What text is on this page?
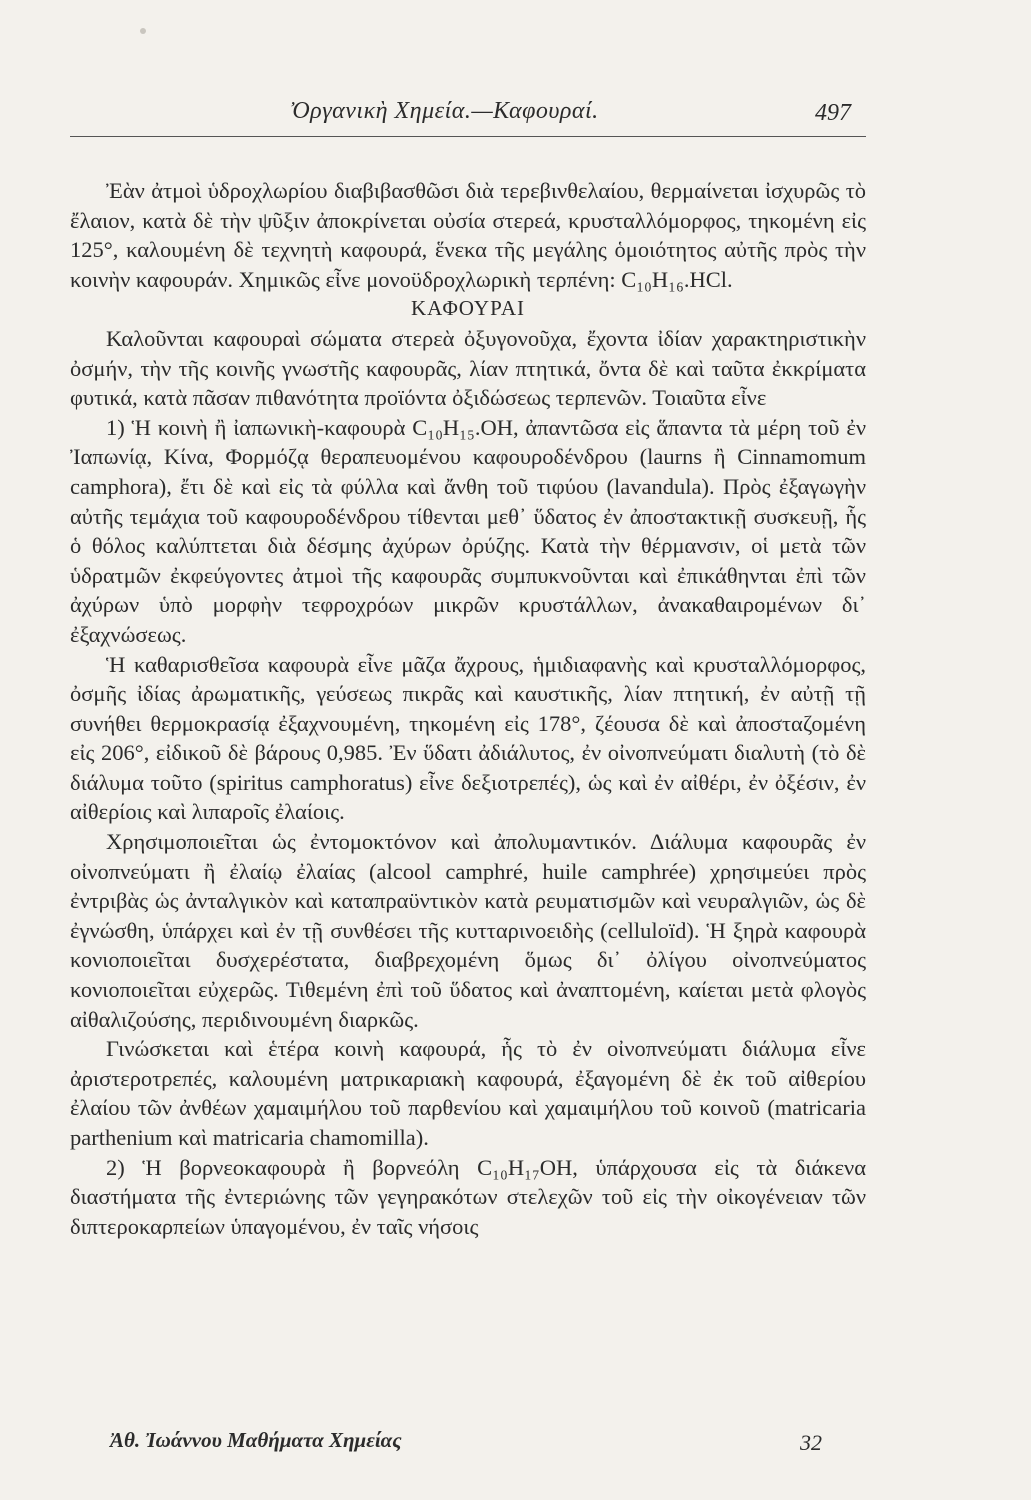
Ὀργανικὴ Χημεία.—Καφουραί.	497

Ἐὰν ἀτμοὶ ὑδροχλωρίου διαβιβασθῶσι διὰ τερεβινθελαίου, θερμαίνεται ἰσχυρῶς τὸ ἔλαιον, κατὰ δὲ τὴν ψῦξιν ἀποκρίνεται οὐσία στερεά, κρυσταλλόμορφος, τηκομένη εἰς 125°, καλουμένη δὲ τεχνητὴ καφουρά, ἕνεκα τῆς μεγάλης ὁμοιότητος αὐτῆς πρὸς τὴν κοινὴν καφουράν. Χημικῶς εἶνε μονοϋδροχλωρικὴ τερπένη: C₁₀H₁₆.HCl.

ΚΑΦΟΥΡΑΙ

Καλοῦνται καφουραὶ σώματα στερεὰ ὀξυγονοῦχα, ἔχοντα ἰδίαν χαρακτηριστικὴν ὀσμήν, τὴν τῆς κοινῆς γνωστῆς καφουρᾶς, λίαν πτητικά, ὄντα δὲ καὶ ταῦτα ἐκκρίματα φυτικά, κατὰ πᾶσαν πιθανότητα προϊόντα ὀξιδώσεως τερπενῶν. Τοιαῦτα εἶνε

1) Ἡ κοινὴ ἢ ἰαπωνικὴ-καφουρὰ C₁₀H₁₅.OH, ἀπαντῶσα εἰς ἅπαντα τὰ μέρη τοῦ ἐν Ἰαπωνίᾳ, Κίνα, Φορμόζᾳ θεραπευομένου καφουροδένδρου (laurns ἢ Cinnamomum camphora), ἔτι δὲ καὶ εἰς τὰ φύλλα καὶ ἄνθη τοῦ τιφύου (lavandula). Πρὸς ἐξαγωγὴν αὐτῆς τεμάχια τοῦ καφουροδένδρου τίθενται μεθ᾽ ὕδατος ἐν ἀποστακτικῇ συσκευῇ, ἧς ὁ θόλος καλύπτεται διὰ δέσμης ἀχύρων ὀρύζης. Κατὰ τὴν θέρμανσιν, οἱ μετὰ τῶν ὑδρατμῶν ἐκφεύγοντες ἀτμοὶ τῆς καφουρᾶς συμπυκνοῦνται καὶ ἐπικάθηνται ἐπὶ τῶν ἀχύρων ὑπὸ μορφὴν τεφροχρόων μικρῶν κρυστάλλων, ἀνακαθαιρομένων δι᾽ ἐξαχνώσεως.

Ἡ καθαρισθεῖσα καφουρὰ εἶνε μᾶζα ἄχρους, ἡμιδιαφανὴς καὶ κρυσταλλόμορφος, ὀσμῆς ἰδίας ἀρωματικῆς, γεύσεως πικρᾶς καὶ καυστικῆς, λίαν πτητική, ἐν αὐτῇ τῇ συνήθει θερμοκρασίᾳ ἐξαχνουμένη, τηκομένη εἰς 178°, ζέουσα δὲ καὶ ἀποσταζομένη εἰς 206°, εἰδικοῦ δὲ βάρους 0,985. Ἐν ὕδατι ἀδιάλυτος, ἐν οἰνοπνεύματι διαλυτὴ (τὸ δὲ διάλυμα τοῦτο (spiritus camphoratus) εἶνε δεξιοτρεπές), ὡς καὶ ἐν αἰθέρι, ἐν ὀξέσιν, ἐν αἰθερίοις καὶ λιπαροῖς ἐλαίοις.

Χρησιμοποιεῖται ὡς ἐντομοκτόνον καὶ ἀπολυμαντικόν. Διάλυμα καφουρᾶς ἐν οἰνοπνεύματι ἢ ἐλαίῳ ἐλαίας (alcool camphré, huile camphrée) χρησιμεύει πρὸς ἐντριβὰς ὡς ἀνταλγικὸν καὶ καταπραϋντικὸν κατὰ ρευματισμῶν καὶ νευραλγιῶν, ὡς δὲ ἐγνώσθη, ὑπάρχει καὶ ἐν τῇ συνθέσει τῆς κυτταρινοειδὴς (celluloïd). Ἡ ξηρὰ καφουρὰ κονιοποιεῖται δυσχερέστατα, διαβρεχομένη ὅμως δι᾽ ὀλίγου οἰνοπνεύματος κονιοποιεῖται εὐχερῶς. Τιθεμένη ἐπὶ τοῦ ὕδατος καὶ ἀναπτομένη, καίεται μετὰ φλογὸς αἰθαλιζούσης, περιδινουμένη διαρκῶς.

Γινώσκεται καὶ ἑτέρα κοινὴ καφουρά, ἧς τὸ ἐν οἰνοπνεύματι διάλυμα εἶνε ἀριστεροτρεπές, καλουμένη ματρικαριακὴ καφουρά, ἐξαγομένη δὲ ἐκ τοῦ αἰθερίου ἐλαίου τῶν ἀνθέων χαμαιμήλου τοῦ παρθενίου καὶ χαμαιμήλου τοῦ κοινοῦ (matricaria parthenium καὶ matricaria chamomilla).

2) Ἡ βορνεοκαφουρὰ ἢ βορνεόλη C₁₀H₁₇OH, ὑπάρχουσα εἰς τὰ διάκενα διαστήματα τῆς ἐντεριώνης τῶν γεγηρακότων στελεχῶν τοῦ εἰς τὴν οἰκογένειαν τῶν διπτεροκαρπείων ὑπαγομένου, ἐν ταῖς νήσοις

Ἀθ. Ἰωάννου Μαθήματα Χημείας	32
